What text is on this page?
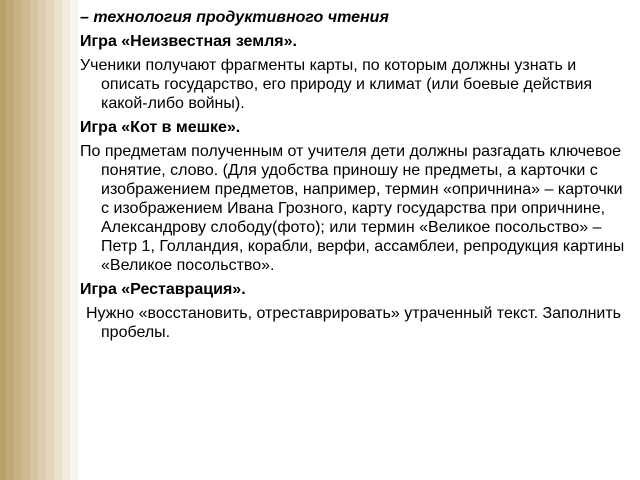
– технология продуктивного чтения

Игра «Неизвестная земля».

Ученики получают фрагменты карты, по которым должны узнать и описать государство, его природу и климат (или боевые действия какой-либо войны).

Игра «Кот в мешке».

По предметам полученным от учителя дети должны разгадать ключевое понятие, слово. (Для удобства приношу не предметы, а карточки с изображением предметов, например, термин «опричнина» – карточки с изображением Ивана Грозного, карту государства при опричнине, Александрову слободу(фото); или термин «Великое посольство» – Петр 1, Голландия, корабли, верфи, ассамблеи, репродукция картины «Великое посольство».

Игра «Реставрация».

Нужно «восстановить, отреставрировать» утраченный текст. Заполнить пробелы.
